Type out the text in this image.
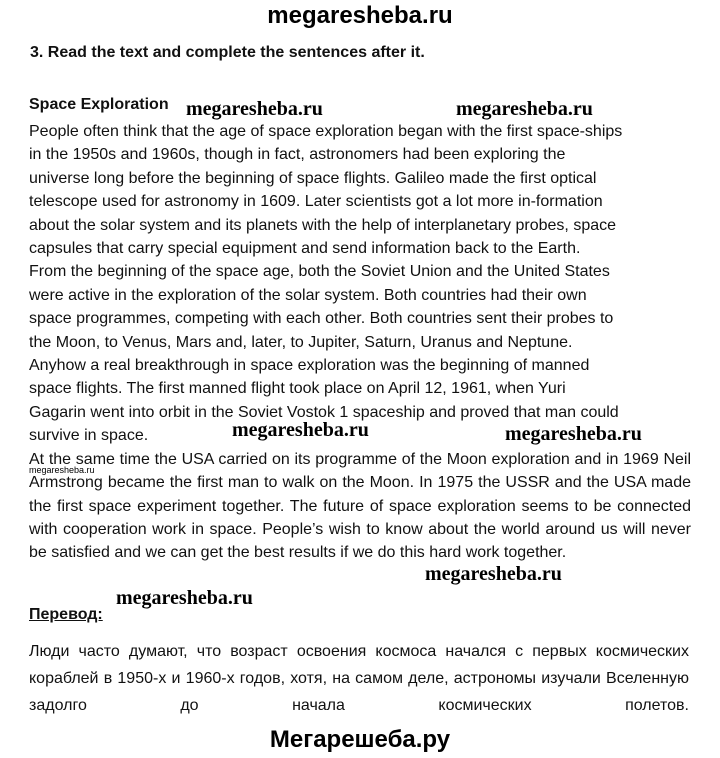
megaresheba.ru
3. Read the text and complete the sentences after it.
Space Exploration
People often think that the age of space exploration began with the first space-ships
in the 1950s and 1960s, though in fact, astronomers had been exploring the
universe long before the beginning of space flights. Galileo made the first optical
telescope used for astronomy in 1609. Later scientists got a lot more in-formation
about the solar system and its planets with the help of interplanetary probes, space
capsules that carry special equipment and send information back to the Earth.
From the beginning of the space age, both the Soviet Union and the United States
were active in the exploration of the solar system. Both countries had their own
space programmes, competing with each other. Both countries sent their probes to
the Moon, to Venus, Mars and, later, to Jupiter, Saturn, Uranus and Neptune.
Anyhow a real breakthrough in space exploration was the beginning of manned
space flights. The first manned flight took place on April 12, 1961, when Yuri
Gagarin went into orbit in the Soviet Vostok 1 spaceship and proved that man could
survive in space.

At the same time the USA carried on its programme of the Moon exploration and in 1969 Neil Armstrong became the first man to walk on the Moon. In 1975 the USSR and the USA made the first space experiment together. The future of space exploration seems to be connected with cooperation work in space. People’s wish to know about the world around us will never be satisfied and we can get the best results if we do this hard work together.

Перевод:

Люди часто думают, что возраст освоения космоса начался с первых космических кораблей в 1950-х и 1960-х годов, хотя, на самом деле, астрономы изучали Вселенную задолго до начала космических полетов.

megaresheba.ru	megaresheba.ru
megaresheba.ru	megaresheba.ru
megaresheba.ru
megaresheba.ru
megaresheba.ru
Мегарешеба.ру
